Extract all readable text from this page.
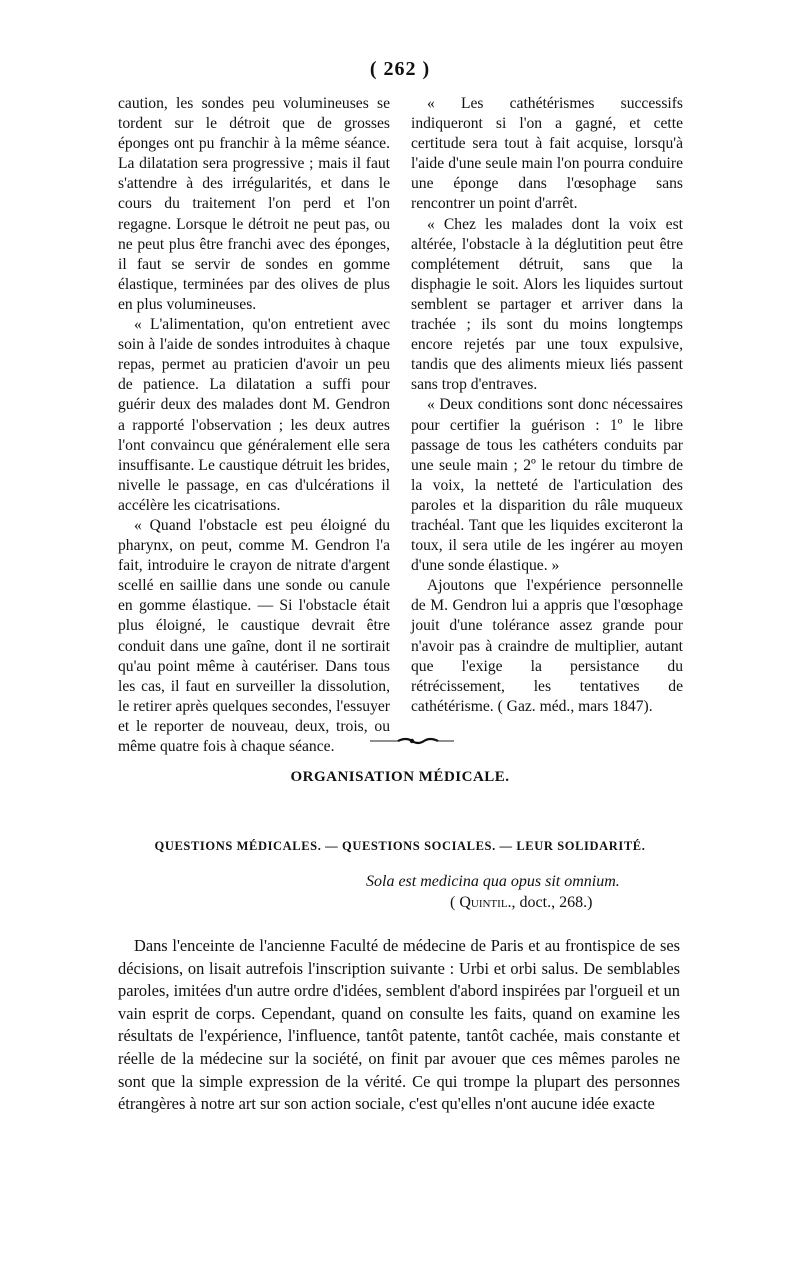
( 262 )

caution, les sondes peu volumineuses se tordent sur le détroit que de grosses éponges ont pu franchir à la même séance. La dilatation sera progressive ; mais il faut s'attendre à des irrégularités, et dans le cours du traitement l'on perd et l'on regagne. Lorsque le détroit ne peut pas, ou ne peut plus être franchi avec des éponges, il faut se servir de sondes en gomme élastique, terminées par des olives de plus en plus volumineuses.

« L'alimentation, qu'on entretient avec soin à l'aide de sondes introduites à chaque repas, permet au praticien d'avoir un peu de patience. La dilatation a suffi pour guérir deux des malades dont M. Gendron a rapporté l'observation ; les deux autres l'ont convaincu que généralement elle sera insuffisante. Le caustique détruit les brides, nivelle le passage, en cas d'ulcérations il accélère les cicatrisations.

« Quand l'obstacle est peu éloigné du pharynx, on peut, comme M. Gendron l'a fait, introduire le crayon de nitrate d'argent scellé en saillie dans une sonde ou canule en gomme élastique. — Si l'obstacle était plus éloigné, le caustique devrait être conduit dans une gaîne, dont il ne sortirait qu'au point même à cautériser. Dans tous les cas, il faut en surveiller la dissolution, le retirer après quelques secondes, l'essuyer et le reporter de nouveau, deux, trois, ou même quatre fois à chaque séance.

« Les cathétérismes successifs indiqueront si l'on a gagné, et cette certitude sera tout à fait acquise, lorsqu'à l'aide d'une seule main l'on pourra conduire une éponge dans l'œsophage sans rencontrer un point d'arrêt.

« Chez les malades dont la voix est altérée, l'obstacle à la déglutition peut être complétement détruit, sans que la disphagie le soit. Alors les liquides surtout semblent se partager et arriver dans la trachée ; ils sont du moins longtemps encore rejetés par une toux expulsive, tandis que des aliments mieux liés passent sans trop d'entraves.

« Deux conditions sont donc nécessaires pour certifier la guérison : 1º le libre passage de tous les cathéters conduits par une seule main ; 2º le retour du timbre de la voix, la netteté de l'articulation des paroles et la disparition du râle muqueux trachéal. Tant que les liquides exciteront la toux, il sera utile de les ingérer au moyen d'une sonde élastique. »

Ajoutons que l'expérience personnelle de M. Gendron lui a appris que l'œsophage jouit d'une tolérance assez grande pour n'avoir pas à craindre de multiplier, autant que l'exige la persistance du rétrécissement, les tentatives de cathétérisme. ( Gaz. méd., mars 1847).

ORGANISATION MÉDICALE.
QUESTIONS MÉDICALES. — QUESTIONS SOCIALES. — LEUR SOLIDARITÉ.
Sola est medicina qua opus sit omnium.
( Quintil., doct., 268.)

Dans l'enceinte de l'ancienne Faculté de médecine de Paris et au frontispice de ses décisions, on lisait autrefois l'inscription suivante : Urbi et orbi salus. De semblables paroles, imitées d'un autre ordre d'idées, semblent d'abord inspirées par l'orgueil et un vain esprit de corps. Cependant, quand on consulte les faits, quand on examine les résultats de l'expérience, l'influence, tantôt patente, tantôt cachée, mais constante et réelle de la médecine sur la société, on finit par avouer que ces mêmes paroles ne sont que la simple expression de la vérité. Ce qui trompe la plupart des personnes étrangères à notre art sur son action sociale, c'est qu'elles n'ont aucune idée exacte
